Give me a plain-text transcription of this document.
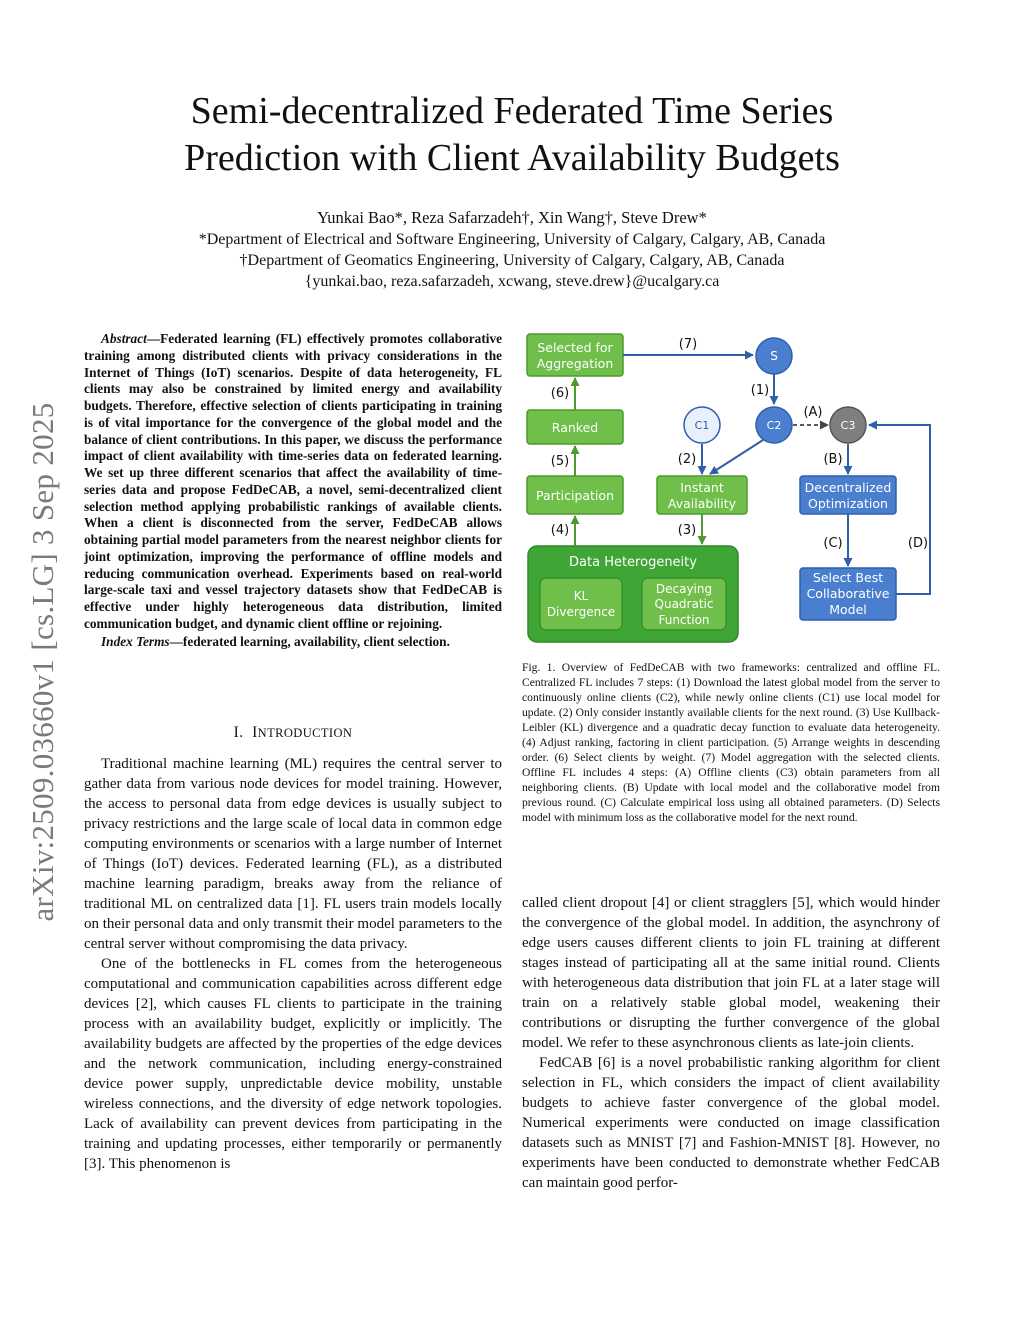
arXiv:2509.03660v1 [cs.LG] 3 Sep 2025
Semi-decentralized Federated Time Series
Prediction with Client Availability Budgets
Yunkai Bao*, Reza Safarzadeh†, Xin Wang†, Steve Drew*
*Department of Electrical and Software Engineering, University of Calgary, Calgary, AB, Canada
†Department of Geomatics Engineering, University of Calgary, Calgary, AB, Canada
{yunkai.bao, reza.safarzadeh, xcwang, steve.drew}@ucalgary.ca
Abstract—Federated learning (FL) effectively promotes collaborative training among distributed clients with privacy considerations in the Internet of Things (IoT) scenarios. Despite of data heterogeneity, FL clients may also be constrained by limited energy and availability budgets. Therefore, effective selection of clients participating in training is of vital importance for the convergence of the global model and the balance of client contributions. In this paper, we discuss the performance impact of client availability with time-series data on federated learning. We set up three different scenarios that affect the availability of time-series data and propose FedDeCAB, a novel, semi-decentralized client selection method applying probabilistic rankings of available clients. When a client is disconnected from the server, FedDeCAB allows obtaining partial model parameters from the nearest neighbor clients for joint optimization, improving the performance of offline models and reducing communication overhead. Experiments based on real-world large-scale taxi and vessel trajectory datasets show that FedDeCAB is effective under highly heterogeneous data distribution, limited communication budget, and dynamic client offline or rejoining.
Index Terms—federated learning, availability, client selection.
I. INTRODUCTION

Traditional machine learning (ML) requires the central server to gather data from various node devices for model training. However, the access to personal data from edge devices is usually subject to privacy restrictions and the large scale of local data in common edge computing environments or scenarios with a large number of Internet of Things (IoT) devices. Federated learning (FL), as a distributed machine learning paradigm, breaks away from the reliance of traditional ML on centralized data [1]. FL users train models locally on their personal data and only transmit their model parameters to the central server without compromising the data privacy.

One of the bottlenecks in FL comes from the heterogeneous computational and communication capabilities across different edge devices [2], which causes FL clients to participate in the training process with an availability budget, explicitly or implicitly. The availability budgets are affected by the properties of the edge devices and the network communication, including energy-constrained device power supply, unpredictable device mobility, unstable wireless connections, and the diversity of edge network topologies. Lack of availability can prevent devices from participating in the training and updating processes, either temporarily or permanently [3]. This phenomenon is

Selected for
Aggregation
Ranked
Participation
Instant
Availability
Data Heterogeneity
KL
Divergence
Decaying
Quadratic
Function
S
C1	C2	C3
Decentralized
Optimization
Select Best
Collaborative
Model
(7)
(1)
(6)
(5)
(4)
(2)
(3)
(A)
(B)
(C)	(D)
Fig. 1. Overview of FedDeCAB with two frameworks: centralized and offline FL. Centralized FL includes 7 steps: (1) Download the latest global model from the server to continuously online clients (C2), while newly online clients (C1) use local model for update. (2) Only consider instantly available clients for the next round. (3) Use Kullback-Leibler (KL) divergence and a quadratic decay function to evaluate data heterogeneity. (4) Adjust ranking, factoring in client participation. (5) Arrange weights in descending order. (6) Select clients by weight. (7) Model aggregation with the selected clients. Offline FL includes 4 steps: (A) Offline clients (C3) obtain parameters from all neighboring clients. (B) Update with local model and the collaborative model from previous round. (C) Calculate empirical loss using all obtained parameters. (D) Selects model with minimum loss as the collaborative model for the next round.

called client dropout [4] or client stragglers [5], which would hinder the convergence of the global model. In addition, the asynchrony of edge users causes different clients to join FL training at different stages instead of participating all at the same initial round. Clients with heterogeneous data distribution that join FL at a later stage will train on a relatively stable global model, weakening their contributions or disrupting the further convergence of the global model. We refer to these asynchronous clients as late-join clients.

FedCAB [6] is a novel probabilistic ranking algorithm for client selection in FL, which considers the impact of client availability budgets to achieve faster convergence of the global model. Numerical experiments were conducted on image classification datasets such as MNIST [7] and Fashion-MNIST [8]. However, no experiments have been conducted to demonstrate whether FedCAB can maintain good perfor-
